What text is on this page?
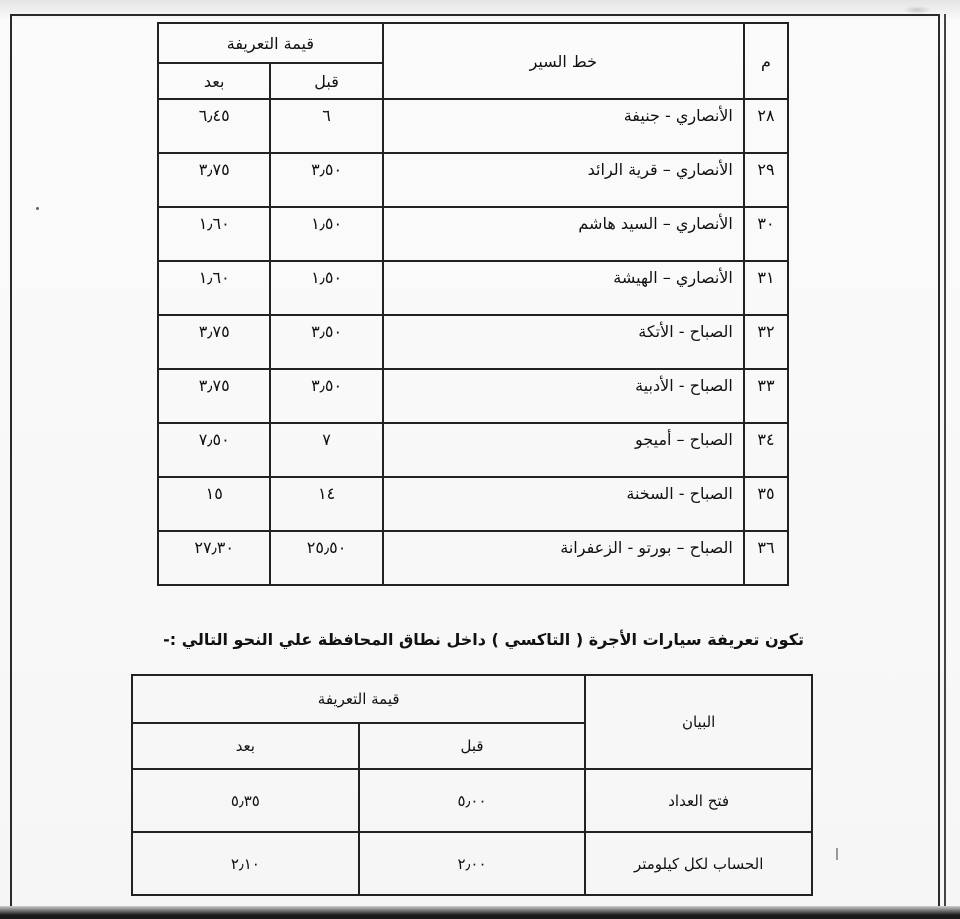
م	خط السير	قيمة التعريفة	
		قبل	بعد
٢٨	الأنصاري - جنيفة	٦	٦٫٤٥
٢٩	الأنصاري – قرية الرائد	٣٫٥٠	٣٫٧٥
٣٠	الأنصاري – السيد هاشم	١٫٥٠	١٫٦٠
٣١	الأنصاري – الهيشة	١٫٥٠	١٫٦٠
٣٢	الصباح - الأتكة	٣٫٥٠	٣٫٧٥
٣٣	الصباح - الأدبية	٣٫٥٠	٣٫٧٥
٣٤	الصباح – أميجو	٧	٧٫٥٠
٣٥	الصباح - السخنة	١٤	١٥
٣٦	الصباح – بورتو - الزعفرانة	٢٥٫٥٠	٢٧٫٣٠
تكون تعريفة سيارات الأجرة ( التاكسي ) داخل نطاق المحافظة علي النحو التالي :-
البيان	قيمة التعريفة	
	قبل	بعد
فتح العداد	٥٫٠٠	٥٫٣٥
الحساب لكل كيلومتر	٢٫٠٠	٢٫١٠
